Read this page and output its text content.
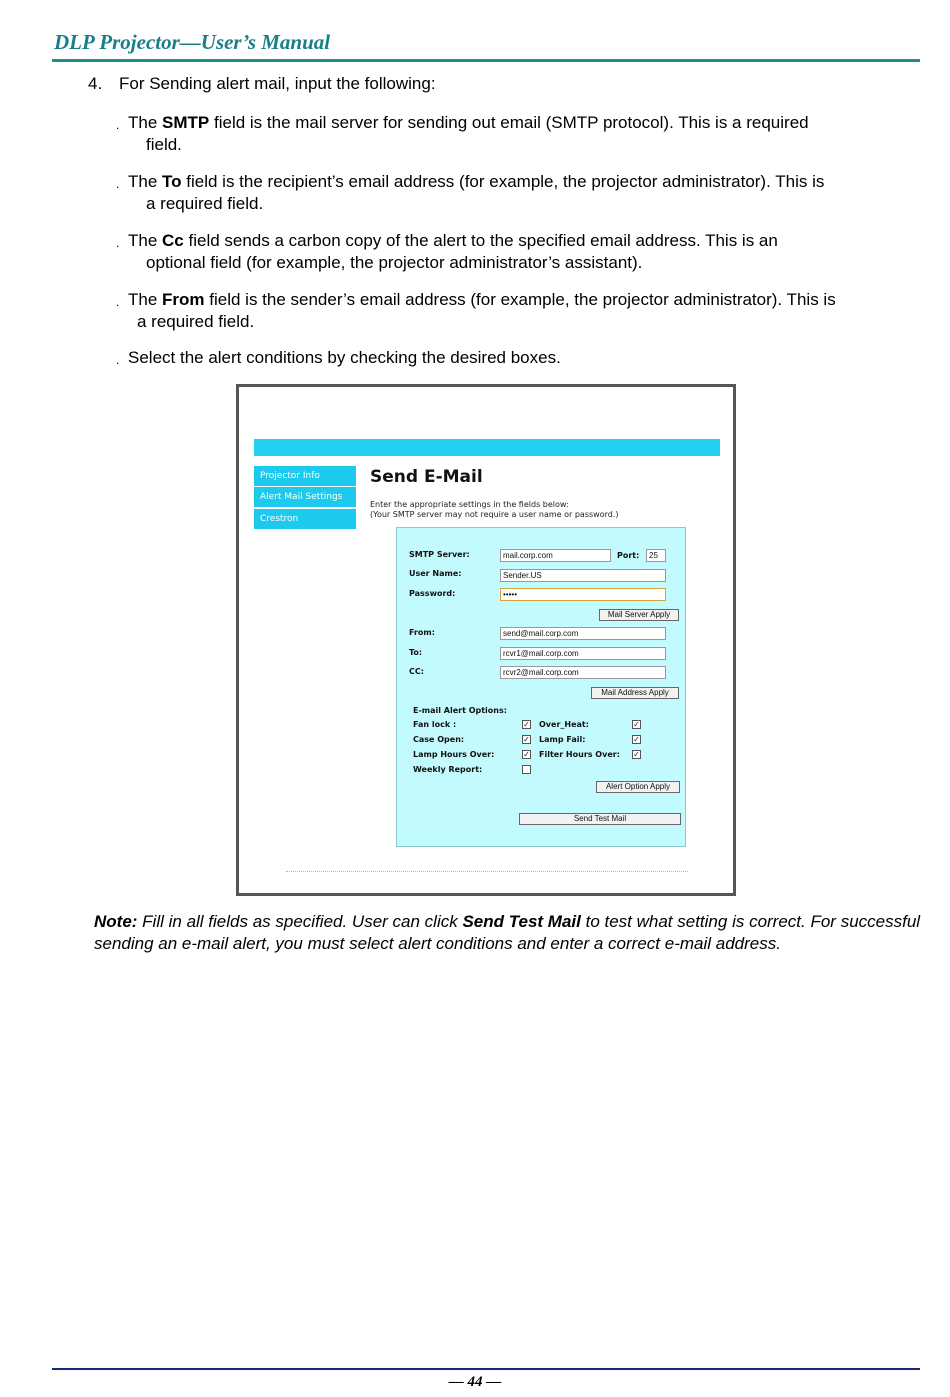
DLP Projector—User’s Manual
4. For Sending alert mail, input the following:
. The SMTP field is the mail server for sending out email (SMTP protocol). This is a required
field.
. The To field is the recipient’s email address (for example, the projector administrator). This is
a required field.
. The Cc field sends a carbon copy of the alert to the specified email address. This is an
optional field (for example, the projector administrator’s assistant).
. The From field is the sender’s email address (for example, the projector administrator). This is
a required field.
. Select the alert conditions by checking the desired boxes.
Projector Info
Alert Mail Settings
Crestron
Send E-Mail
Enter the appropriate settings in the fields below:
(Your SMTP server may not require a user name or password.)
SMTP Server:	mail.corp.com	Port:	25
User Name:	Sender.US
Password:	•••••
Mail Server Apply
From:	send@mail.corp.com
To:	rcvr1@mail.corp.com
CC:	rcvr2@mail.corp.com
Mail Address Apply
E-mail Alert Options:
Fan lock :	✓ Over_Heat:	✓
Case Open:	✓ Lamp Fail:	✓
Lamp Hours Over:	✓ Filter Hours Over: ✓
Weekly Report:
Alert Option Apply
Send Test Mail
Note: Fill in all fields as specified. User can click Send Test Mail to test what setting is correct. For successful sending an e-mail alert, you must select alert conditions and enter a correct e-mail address.
— 44 —
